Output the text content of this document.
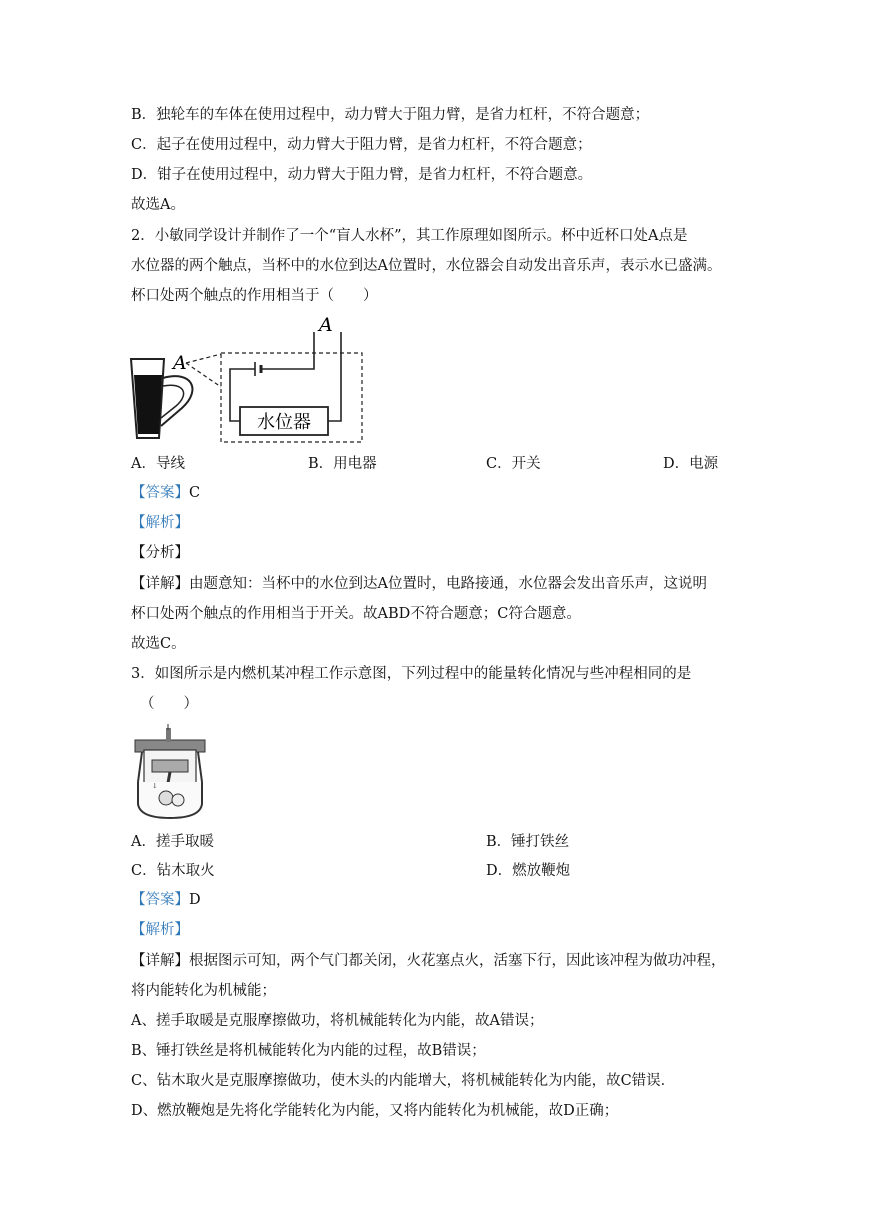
B．独轮车的车体在使用过程中，动力臂大于阻力臂，是省力杠杆，不符合题意；
C．起子在使用过程中，动力臂大于阻力臂，是省力杠杆，不符合题意；
D．钳子在使用过程中，动力臂大于阻力臂，是省力杠杆，不符合题意。
故选A。
2．小敏同学设计并制作了一个“盲人水杯”，其工作原理如图所示。杯中近杯口处A点是
水位器的两个触点，当杯中的水位到达A位置时，水位器会自动发出音乐声，表示水已盛满。
杯口处两个触点的作用相当于（　　）
A
水位器
A
A．导线	B．用电器	C．开关	D．电源
【答案】C
【解析】
【分析】
【详解】由题意知：当杯中的水位到达A位置时，电路接通，水位器会发出音乐声，这说明
杯口处两个触点的作用相当于开关。故ABD不符合题意；C符合题意。
故选C。
3．如图所示是内燃机某冲程工作示意图，下列过程中的能量转化情况与些冲程相同的是
（　　）
↓
A．搓手取暖	B．锤打铁丝
C．钻木取火	D．燃放鞭炮
【答案】D
【解析】
【详解】根据图示可知，两个气门都关闭，火花塞点火，活塞下行，因此该冲程为做功冲程，
将内能转化为机械能；
A、搓手取暖是克服摩擦做功，将机械能转化为内能，故A错误；
B、锤打铁丝是将机械能转化为内能的过程，故B错误；
C、钻木取火是克服摩擦做功，使木头的内能增大，将机械能转化为内能，故C错误．
D、燃放鞭炮是先将化学能转化为内能，又将内能转化为机械能，故D正确；
